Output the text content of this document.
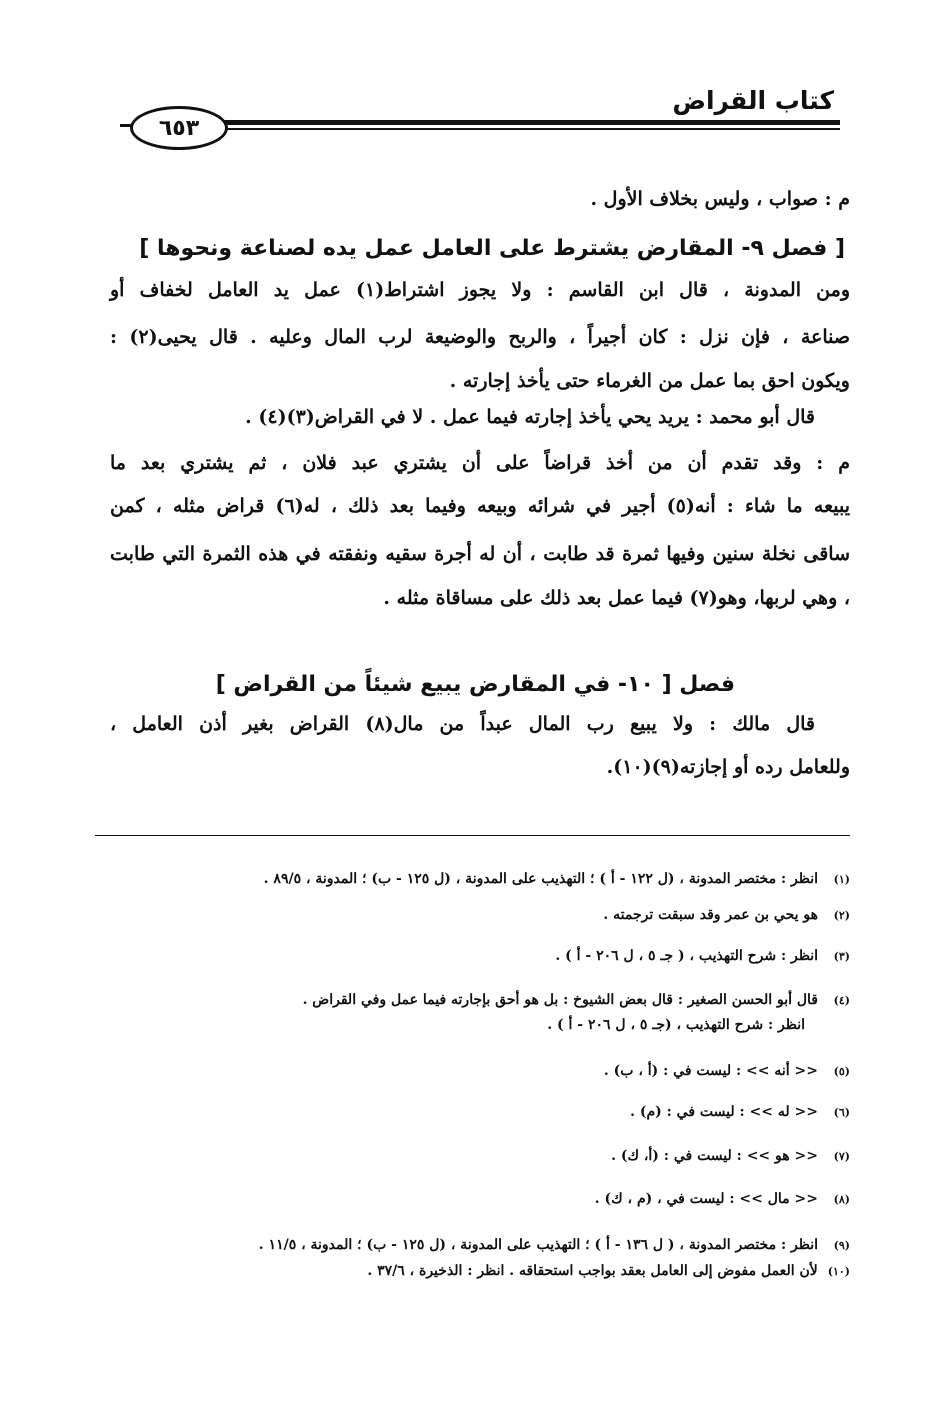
كتاب القراض
٦٥٣
م : صواب ، وليس بخلاف الأول .
[ فصل ٩- المقارض يشترط على العامل عمل يده لصناعة ونحوها ]
ومن المدونة ، قال ابن القاسم : ولا يجوز اشتراط(١) عمل يد العامل لخفاف أو
صناعة ، فإن نزل : كان أجيراً ، والربح والوضيعة لرب المال وعليه . قال يحيى(٢) :
ويكون احق بما عمل من الغرماء حتى يأخذ إجارته .
قال أبو محمد : يريد يحي يأخذ إجارته فيما عمل . لا في القراض(٣)(٤) .
م : وقد تقدم أن من أخذ قراضاً على أن يشتري عبد فلان ، ثم يشتري بعد ما
يبيعه ما شاء : أنه(٥) أجير في شرائه وبيعه وفيما بعد ذلك ، له(٦) قراض مثله ، كمن
ساقى نخلة سنين وفيها ثمرة قد طابت ، أن له أجرة سقيه ونفقته في هذه الثمرة التي طابت
، وهي لربها، وهو(٧) فيما عمل بعد ذلك على مساقاة مثله .
فصل [ ١٠- في المقارض يبيع شيئاً من القراض ]
قال مالك : ولا يبيع رب المال عبداً من مال(٨) القراض بغير أذن العامل ،
وللعامل رده أو إجازته(٩)(١٠).
(١)
انظر : مختصر المدونة ، (ل ١٢٢ - أ ) ؛ التهذيب على المدونة ، (ل ١٢٥ - ب) ؛ المدونة ، ٨٩/٥ .
(٢)
هو يحي بن عمر وقد سبقت ترجمته .
(٣)
انظر : شرح التهذيب ، ( جـ ٥ ، ل ٢٠٦ - أ ) .
(٤)
قال أبو الحسن الصغير : قال بعض الشيوخ : بل هو أحق بإجارته فيما عمل وفي القراض .
انظر : شرح التهذيب ، (جـ ٥ ، ل ٢٠٦ - أ ) .
(٥)
<< أنه >> : ليست في : (أ ، ب) .
(٦)
<< له >> : ليست في : (م) .
(٧)
<< هو >> : ليست في : (أ، ك) .
(٨)
<< مال >> : ليست في ، (م ، ك) .
(٩)
انظر : مختصر المدونة ، ( ل ١٣٦ - أ ) ؛ التهذيب على المدونة ، (ل ١٢٥ - ب) ؛ المدونة ، ١١/٥ .
(١٠)
لأن العمل مفوض إلى العامل بعقد بواجب استحقاقه . انظر : الذخيرة ، ٣٧/٦ .
